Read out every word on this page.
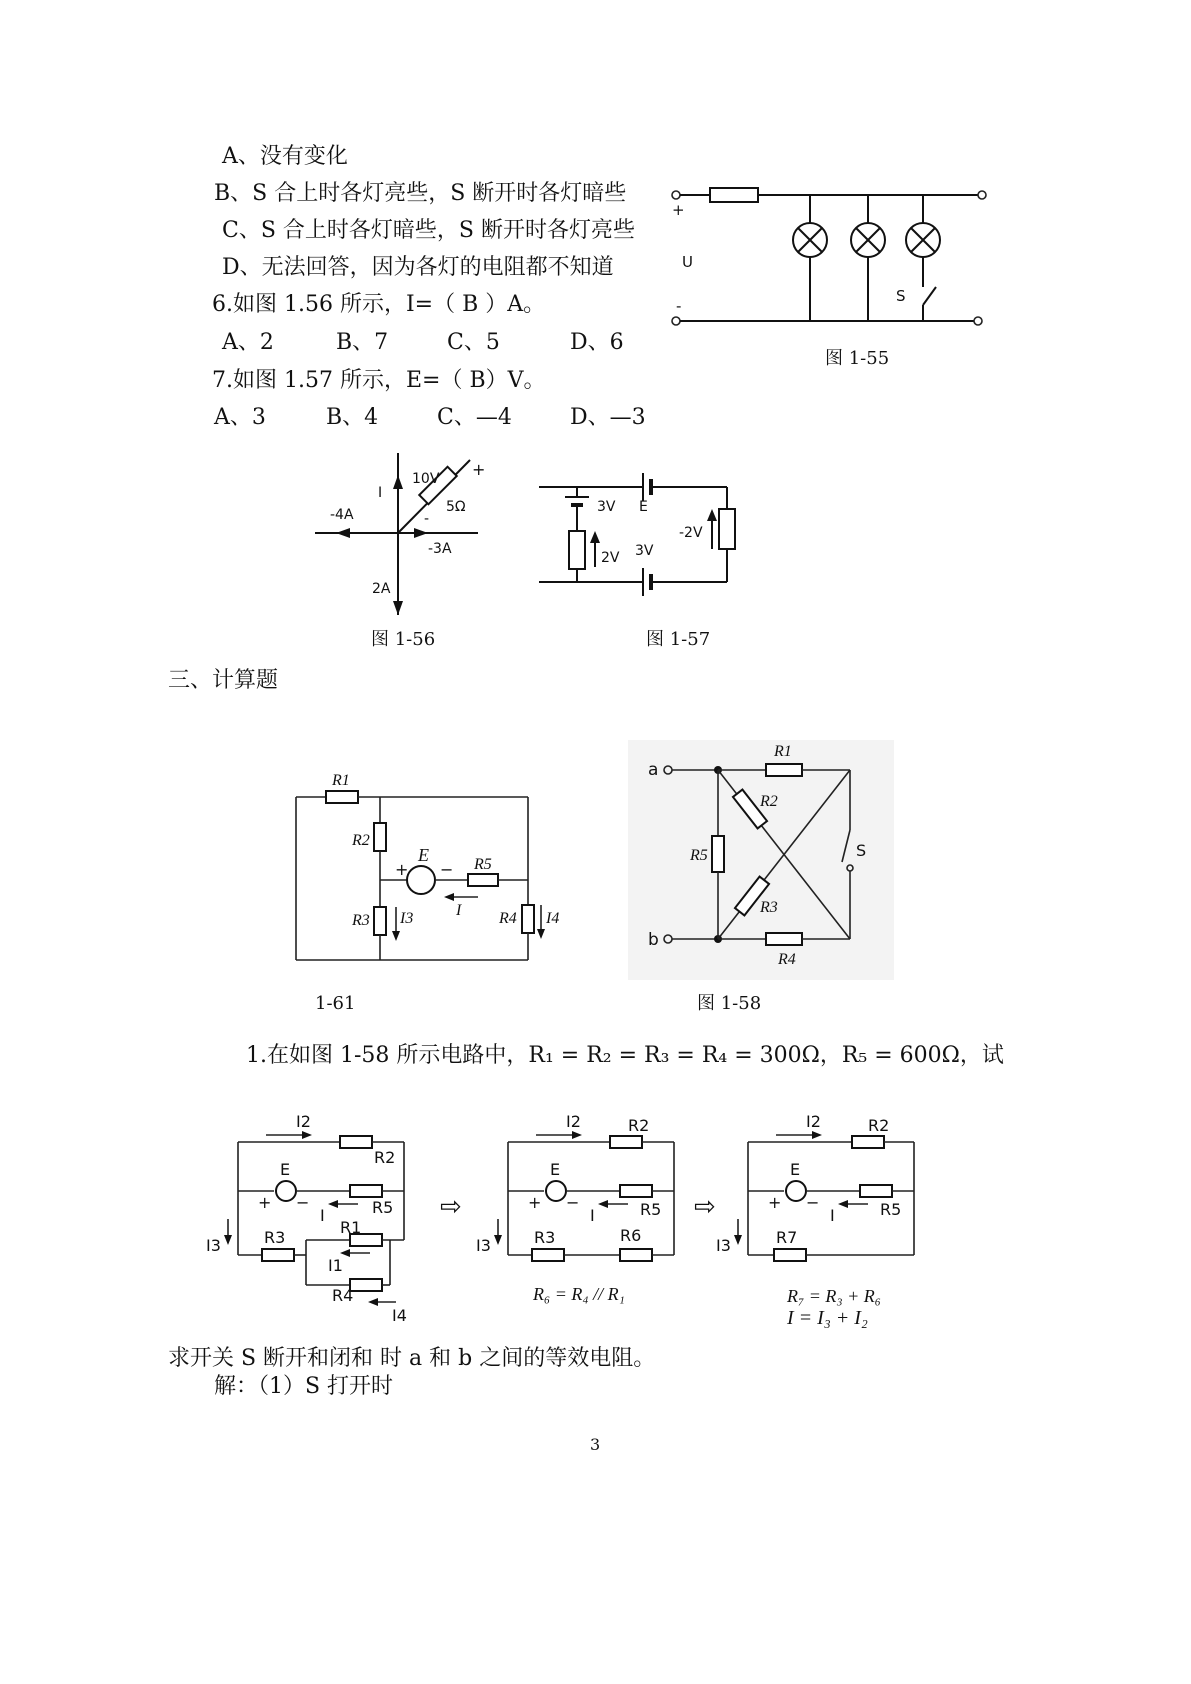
A、没有变化
B、S 合上时各灯亮些，S 断开时各灯暗些
C、S 合上时各灯暗些，S 断开时各灯亮些
D、无法回答，因为各灯的电阻都不知道
6.如图 1.56 所示，I=（ B ）A。
A、2	B、7	C、5	D、6
7.如图 1.57 所示，E=（ B）V。
A、3	B、4	C、—4	D、—3
+
U
-
S
图 1-55
I
10V +
5Ω
-
-4A
-3A
2A
图 1-56
3V E
2V 3V
-2V
图 1-57
三、计算题
R1
R2
R3	R4
R5
E
+ −
I
I3	I4
1-61
a
b
R1
R2
R3
R4
R5	S
图 1-58
1.在如图 1-58 所示电路中，R₁ = R₂ = R₃ = R₄ = 300Ω，R₅ = 600Ω，试
I2
R2
E
+ −
I	R5
I3	R3
R1
I1
R4
I4
⇨
I2	R2
E
+ −
I	R5
I3	R3	R6
⇨
I2	R2
E
+ −
I	R5
I3	R7
R₆ = R₄ // R₁	R₇ = R₃ + R₆
I = I₃ + I₂
求开关 S 断开和闭和 时 a 和 b 之间的等效电阻。
解：（1）S 打开时
3
